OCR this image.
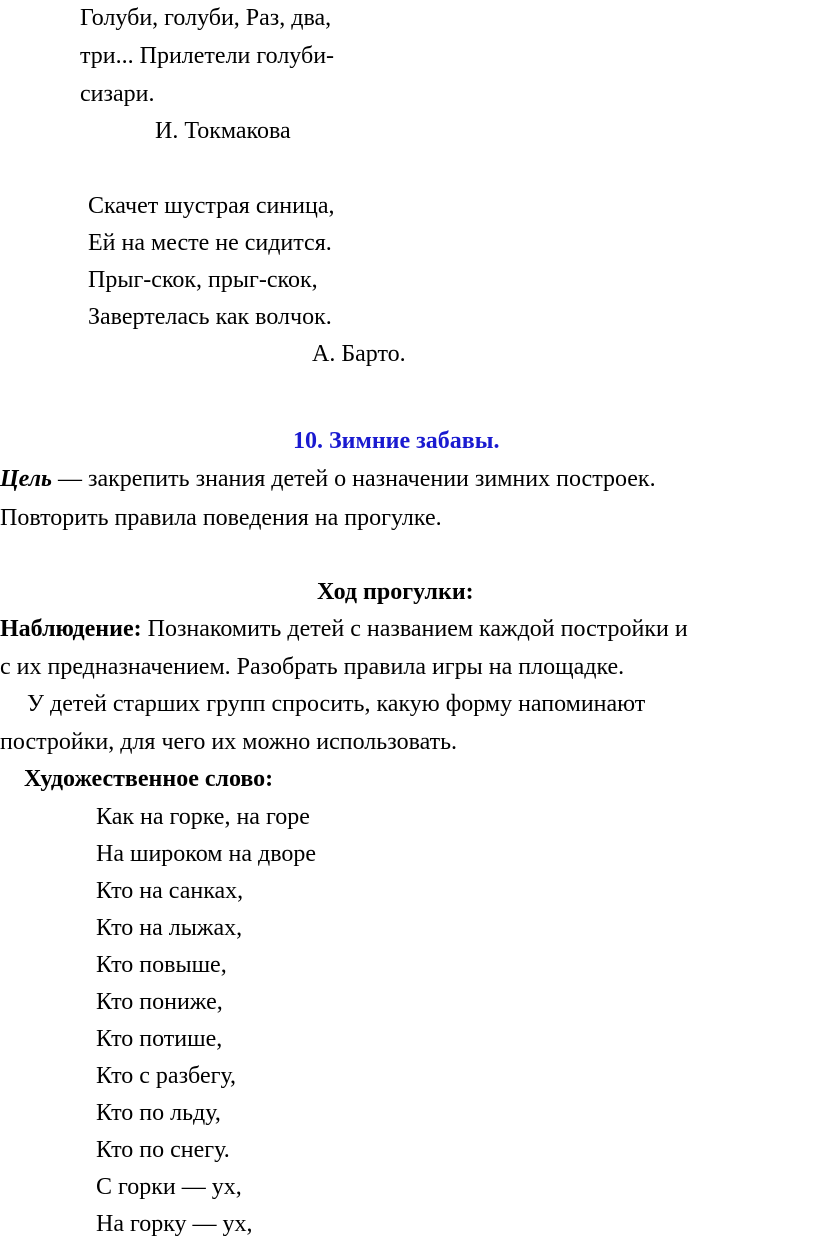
Голуби, голуби, Раз, два,
три... Прилетели голуби-
сизари.
И. Токмакова
Скачет шустрая синица,
Ей на месте не сидится.
Прыг-скок, прыг-скок,
Завертелась как волчок.
А. Барто.
10. Зимние забавы.
Цель — закрепить знания детей о назначении зимних построек.
Повторить правила поведения на прогулке.
Ход прогулки:
Наблюдение: Познакомить детей с названием каждой постройки и
с их предназначением. Разобрать правила игры на площадке.
У детей старших групп спросить, какую форму напоминают
постройки, для чего их можно использовать.
Художественное слово:
Как на горке, на горе
На широком на дворе
Кто на санках,
Кто на лыжах,
Кто повыше,
Кто пониже,
Кто потише,
Кто с разбегу,
Кто по льду,
Кто по снегу.
С горки — ух,
На горку — ух,
